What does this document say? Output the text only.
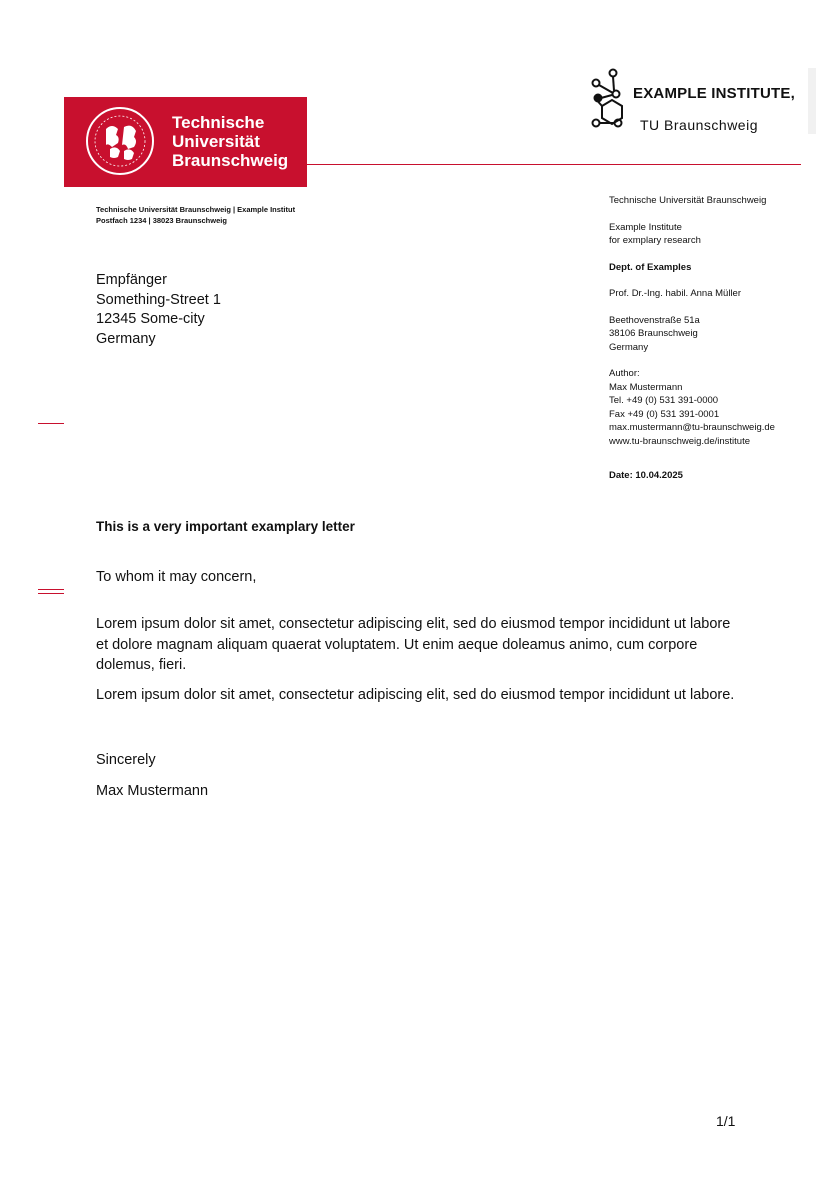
Technische
Universität
Braunschweig
EXAMPLE INSTITUTE,
TU Braunschweig
Technische Universität Braunschweig | Example Institut
Postfach 1234 | 38023 Braunschweig
Empfänger
Something-Street 1
12345 Some-city
Germany
Technische Universität Braunschweig
Example Institute
for exmplary research
Dept. of Examples
Prof. Dr.-Ing. habil. Anna Müller
Beethovenstraße 51a
38106 Braunschweig
Germany
Author:
Max Mustermann
Tel. +49 (0) 531 391-0000
Fax +49 (0) 531 391-0001
max.mustermann@tu-braunschweig.de
www.tu-braunschweig.de/institute
Date: 10.04.2025
This is a very important examplary letter
To whom it may concern,

Lorem ipsum dolor sit amet, consectetur adipiscing elit, sed do eiusmod tempor incididunt ut labore et dolore magnam aliquam quaerat voluptatem. Ut enim aeque doleamus animo, cum corpore dolemus, fieri.

Lorem ipsum dolor sit amet, consectetur adipiscing elit, sed do eiusmod tempor incididunt ut labore.

Sincerely
Max Mustermann
1/1
